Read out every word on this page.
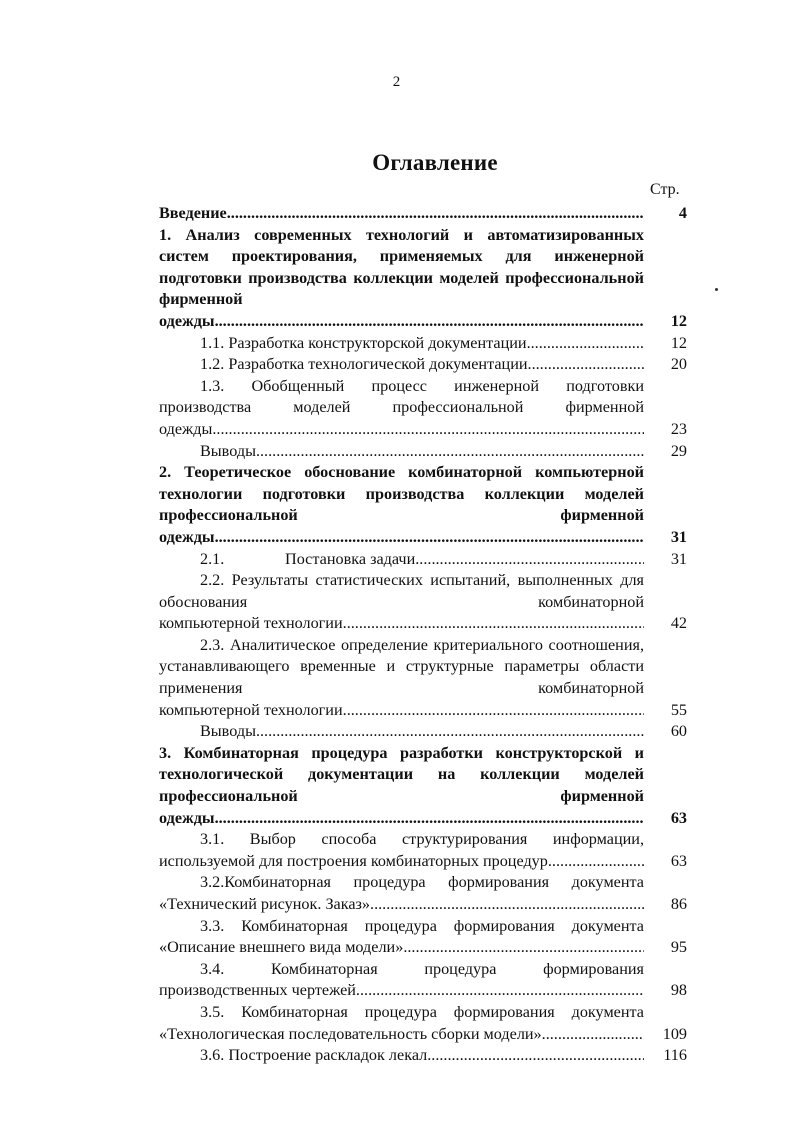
2
Оглавление
Стр.
Введение .....	4
1. Анализ современных технологий и автоматизированных систем проектирования, применяемых для инженерной подготовки производства коллекции моделей профессиональной фирменной
одежды .....	12
1.1. Разработка конструкторской документации .....	12
1.2. Разработка технологической документации .....	20
1.3. Обобщенный процесс инженерной подготовки производства моделей профессиональной фирменной
одежды .....	23
Выводы .....	29
2. Теоретическое обоснование комбинаторной компьютерной технологии подготовки производства коллекции моделей профессиональной фирменной
одежды .....	31
2.1.	Постановка задачи .....	31
2.2. Результаты статистических испытаний, выполненных для обоснования комбинаторной
компьютерной технологии .....	42
2.3. Аналитическое определение критериального соотношения, устанавливающего временные и структурные параметры области применения комбинаторной
компьютерной технологии .....	55
Выводы .....	60
3. Комбинаторная процедура разработки конструкторской и технологической документации на коллекции моделей профессиональной фирменной
одежды .....	63
3.1. Выбор способа структурирования информации,
используемой для построения комбинаторных процедур .....	63
3.2.Комбинаторная процедура формирования документа
«Технический рисунок. Заказ» .....	86
3.3. Комбинаторная процедура формирования документа
«Описание внешнего вида модели» .....	95
3.4. Комбинаторная процедура формирования
производственных чертежей .....	98
3.5. Комбинаторная процедура формирования документа
«Технологическая последовательность сборки модели» .....	109
3.6. Построение раскладок лекал .....	116
